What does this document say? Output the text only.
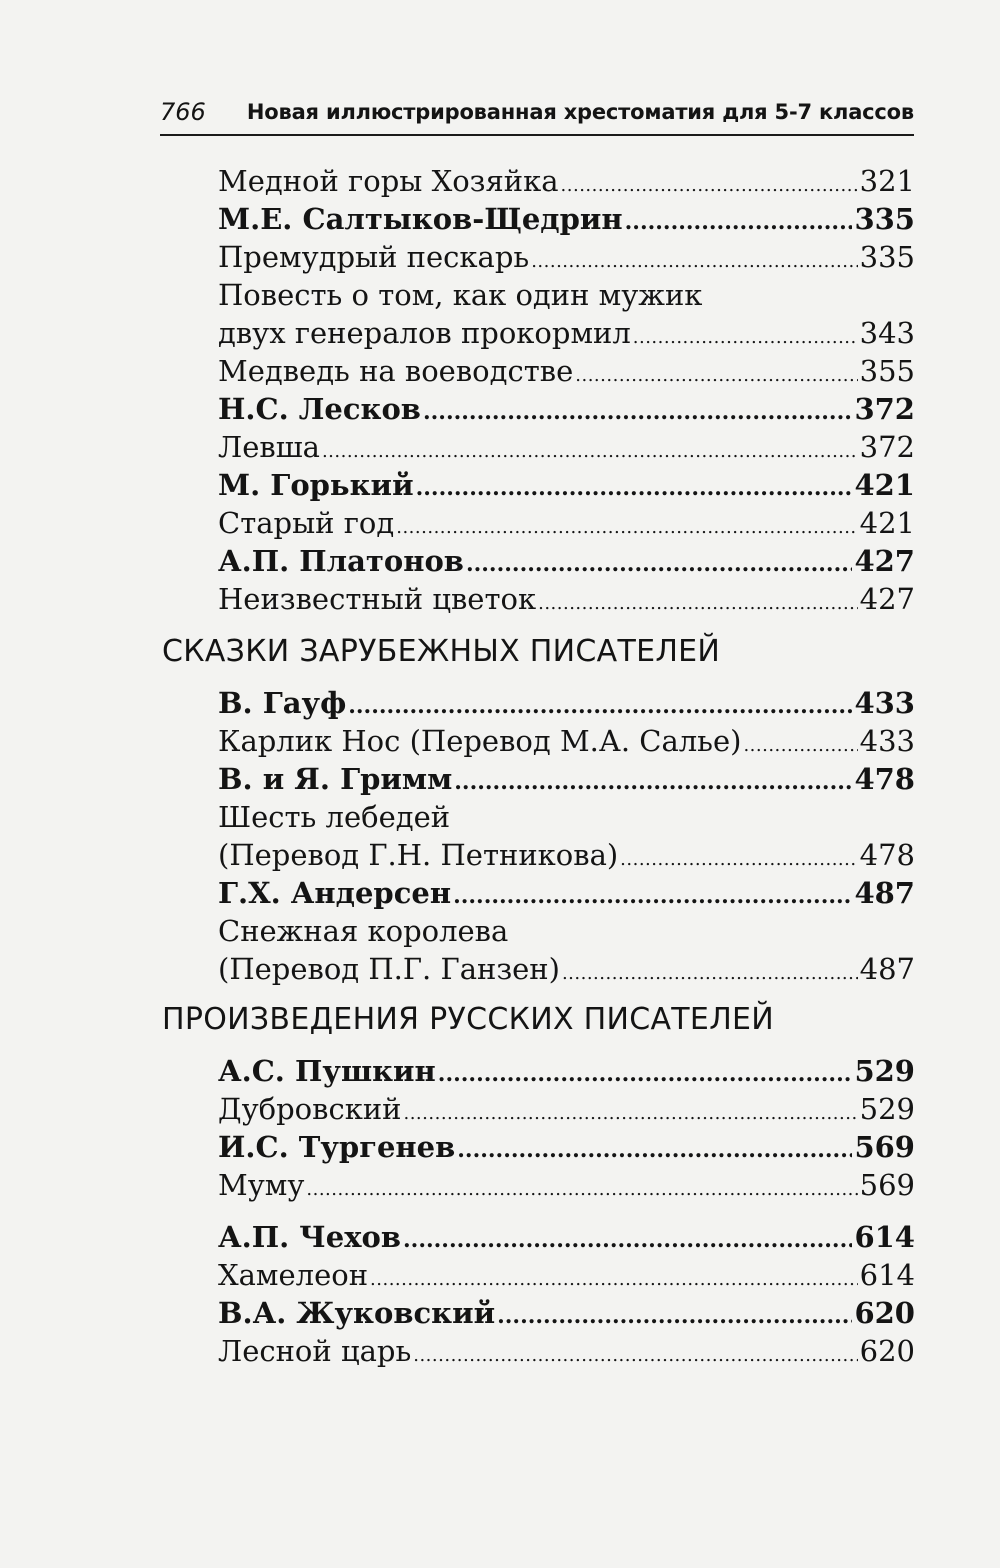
766 Новая иллюстрированная хрестоматия для 5-7 классов
Медной горы Хозяйка .....	321
М.Е. Салтыков-Щедрин .....	335
Премудрый пескарь .....	335
Повесть о том, как один мужик
двух генералов прокормил .....	343
Медведь на воеводстве .....	355
Н.С. Лесков .....	372
Левша .....	372
М. Горький .....	421
Старый год .....	421
А.П. Платонов .....	427
Неизвестный цветок .....	427
СКАЗКИ ЗАРУБЕЖНЫХ ПИСАТЕЛЕЙ
В. Гауф .....	433
Карлик Нос (Перевод М.А. Салье) .....	433
В. и Я. Гримм .....	478
Шесть лебедей
(Перевод Г.Н. Петникова) .....	478
Г.Х. Андерсен .....	487
Снежная королева
(Перевод П.Г. Ганзен) .....	487
ПРОИЗВЕДЕНИЯ РУССКИХ ПИСАТЕЛЕЙ
А.С. Пушкин .....	529
Дубровский .....	529
И.С. Тургенев .....	569
Муму .....	569
А.П. Чехов .....	614
Хамелеон .....	614
В.А. Жуковский .....	620
Лесной царь .....	620
